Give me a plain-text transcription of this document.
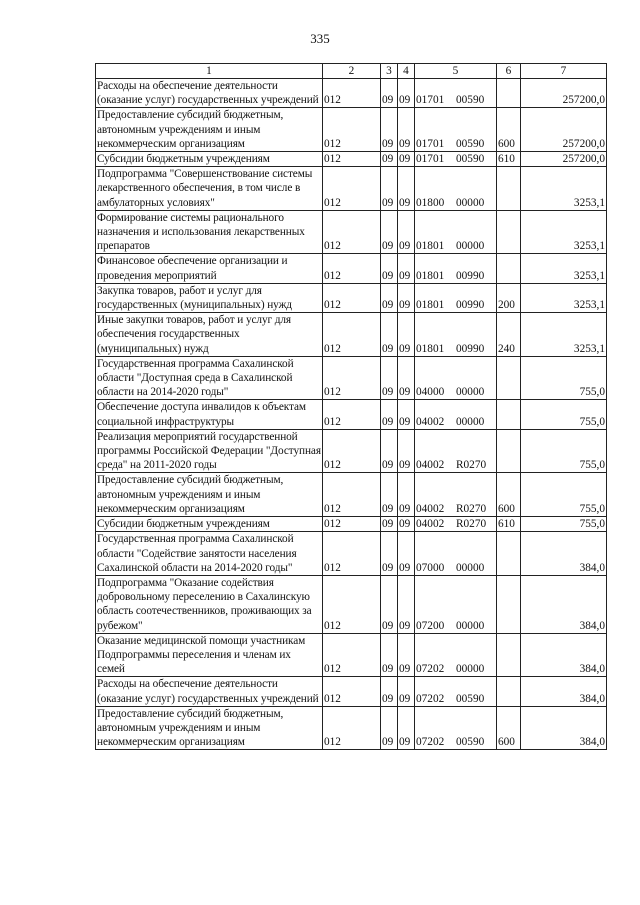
335
1	2	3	4	5	6	7
Расходы на обеспечение деятельности (оказание услуг) государственных учреждений	012	09	09	01701 00590		257200,0
Предоставление субсидий бюджетным, автономным учреждениям и иным некоммерческим организациям	012	09	09	01701 00590	600	257200,0
Субсидии бюджетным учреждениям	012	09	09	01701 00590	610	257200,0
Подпрограмма "Совершенствование системы лекарственного обеспечения, в том числе в амбулаторных условиях"	012	09	09	01800 00000		3253,1
Формирование системы рационального назначения и использования лекарственных препаратов	012	09	09	01801 00000		3253,1
Финансовое обеспечение организации и проведения мероприятий	012	09	09	01801 00990		3253,1
Закупка товаров, работ и услуг для государственных (муниципальных) нужд	012	09	09	01801 00990	200	3253,1
Иные закупки товаров, работ и услуг для обеспечения государственных (муниципальных) нужд	012	09	09	01801 00990	240	3253,1
Государственная программа Сахалинской области "Доступная среда в Сахалинской области на 2014-2020 годы"	012	09	09	04000 00000		755,0
Обеспечение доступа инвалидов к объектам социальной инфраструктуры	012	09	09	04002 00000		755,0
Реализация мероприятий государственной программы Российской Федерации "Доступная среда" на 2011-2020 годы	012	09	09	04002 R0270		755,0
Предоставление субсидий бюджетным, автономным учреждениям и иным некоммерческим организациям	012	09	09	04002 R0270	600	755,0
Субсидии бюджетным учреждениям	012	09	09	04002 R0270	610	755,0
Государственная программа Сахалинской области "Содействие занятости населения Сахалинской области на 2014-2020 годы"	012	09	09	07000 00000		384,0
Подпрограмма "Оказание содействия добровольному переселению в Сахалинскую область соотечественников, проживающих за рубежом"	012	09	09	07200 00000		384,0
Оказание медицинской помощи участникам Подпрограммы переселения и членам их семей	012	09	09	07202 00000		384,0
Расходы на обеспечение деятельности (оказание услуг) государственных учреждений	012	09	09	07202 00590		384,0
Предоставление субсидий бюджетным, автономным учреждениям и иным некоммерческим организациям	012	09	09	07202 00590	600	384,0
